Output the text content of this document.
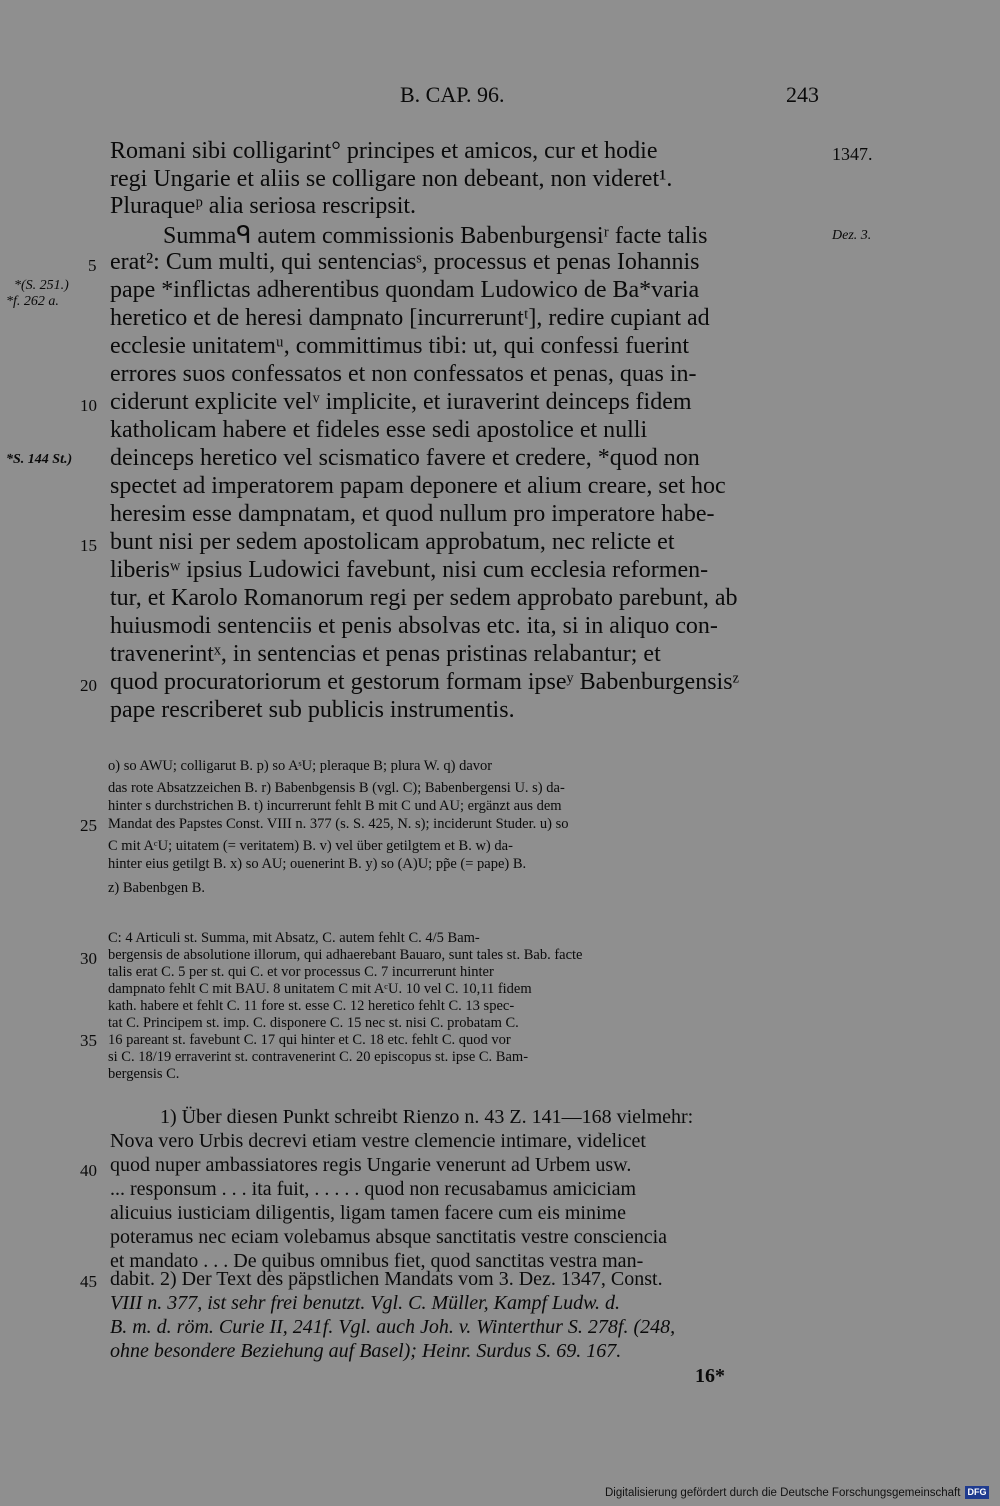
B. CAP. 96.	243
Romani sibi colligarint° principes et amicos, cur et hodie
regi Ungarie et aliis se colligare non debeant, non videret¹.
Pluraqueᵖ alia seriosa rescripsit.
Summaᑫ autem commissionis Babenburgensiʳ facte talis
erat²: Cum multi, qui sentenciasˢ, processus et penas Iohannis
pape *inflictas adherentibus quondam Ludowico de Ba*varia
heretico et de heresi dampnato [incurreruntᵗ], redire cupiant ad
ecclesie unitatemᵘ, committimus tibi: ut, qui confessi fuerint
errores suos confessatos et non confessatos et penas, quas in-
ciderunt explicite velᵛ implicite, et iuraverint deinceps fidem
katholicam habere et fideles esse sedi apostolice et nulli
deinceps heretico vel scismatico favere et credere, *quod non
spectet ad imperatorem papam deponere et alium creare, set hoc
heresim esse dampnatam, et quod nullum pro imperatore habe-
bunt nisi per sedem apostolicam approbatum, nec relicte et
liberisʷ ipsius Ludowici favebunt, nisi cum ecclesia reformen-
tur, et Karolo Romanorum regi per sedem approbato parebunt, ab
huiusmodi sentenciis et penis absolvas etc. ita, si in aliquo con-
travenerintˣ, in sentencias et penas pristinas relabantur; et
quod procuratoriorum et gestorum formam ipseʸ Babenburgensisᶻ
pape rescriberet sub publicis instrumentis.
5
10
15
20
25
30
35
40
45
1347.
Dez. 3.
*(S. 251.)
*f. 262 a.
*S. 144 St.)
o) so AWU; colligarut B. p) so AˢU; pleraque B; plura W. q) davor
das rote Absatzzeichen B. r) Babenbgensis B (vgl. C); Babenbergensi U. s) da-
hinter s durchstrichen B. t) incurrerunt fehlt B mit C und AU; ergänzt aus dem
Mandat des Papstes Const. VIII n. 377 (s. S. 425, N. s); inciderunt Studer. u) so
C mit AᶜU; uitatem (= veritatem) B. v) vel über getilgtem et B. w) da-
hinter eius getilgt B. x) so AU; ouenerint B. y) so (A)U; pp̃e (= pape) B.
z) Babenbgen B.
C: 4 Articuli st. Summa, mit Absatz, C. autem fehlt C. 4/5 Bam-
bergensis de absolutione illorum, qui adhaerebant Bauaro, sunt tales st. Bab. facte
talis erat C. 5 per st. qui C. et vor processus C. 7 incurrerunt hinter
dampnato fehlt C mit BAU. 8 unitatem C mit AᶜU. 10 vel C. 10,11 fidem
kath. habere et fehlt C. 11 fore st. esse C. 12 heretico fehlt C. 13 spec-
tat C. Principem st. imp. C. disponere C. 15 nec st. nisi C. probatam C.
16 pareant st. favebunt C. 17 qui hinter et C. 18 etc. fehlt C. quod vor
si C. 18/19 erraverint st. contravenerint C. 20 episcopus st. ipse C. Bam-
bergensis C.
1) Über diesen Punkt schreibt Rienzo n. 43 Z. 141—168 vielmehr:
Nova vero Urbis decrevi etiam vestre clemencie intimare, videlicet
quod nuper ambassiatores regis Ungarie venerunt ad Urbem usw.
... responsum . . . ita fuit, . . . . . quod non recusabamus amiciciam
alicuius iusticiam diligentis, ligam tamen facere cum eis minime
poteramus nec eciam volebamus absque sanctitatis vestre consciencia
et mandato . . . De quibus omnibus fiet, quod sanctitas vestra man-
dabit. 2) Der Text des päpstlichen Mandats vom 3. Dez. 1347, Const.
VIII n. 377, ist sehr frei benutzt. Vgl. C. Müller, Kampf Ludw. d.
B. m. d. röm. Curie II, 241f. Vgl. auch Joh. v. Winterthur S. 278f. (248,
ohne besondere Beziehung auf Basel); Heinr. Surdus S. 69. 167.
16*
Digitalisierung gefördert durch die Deutsche Forschungsgemeinschaft DFG
